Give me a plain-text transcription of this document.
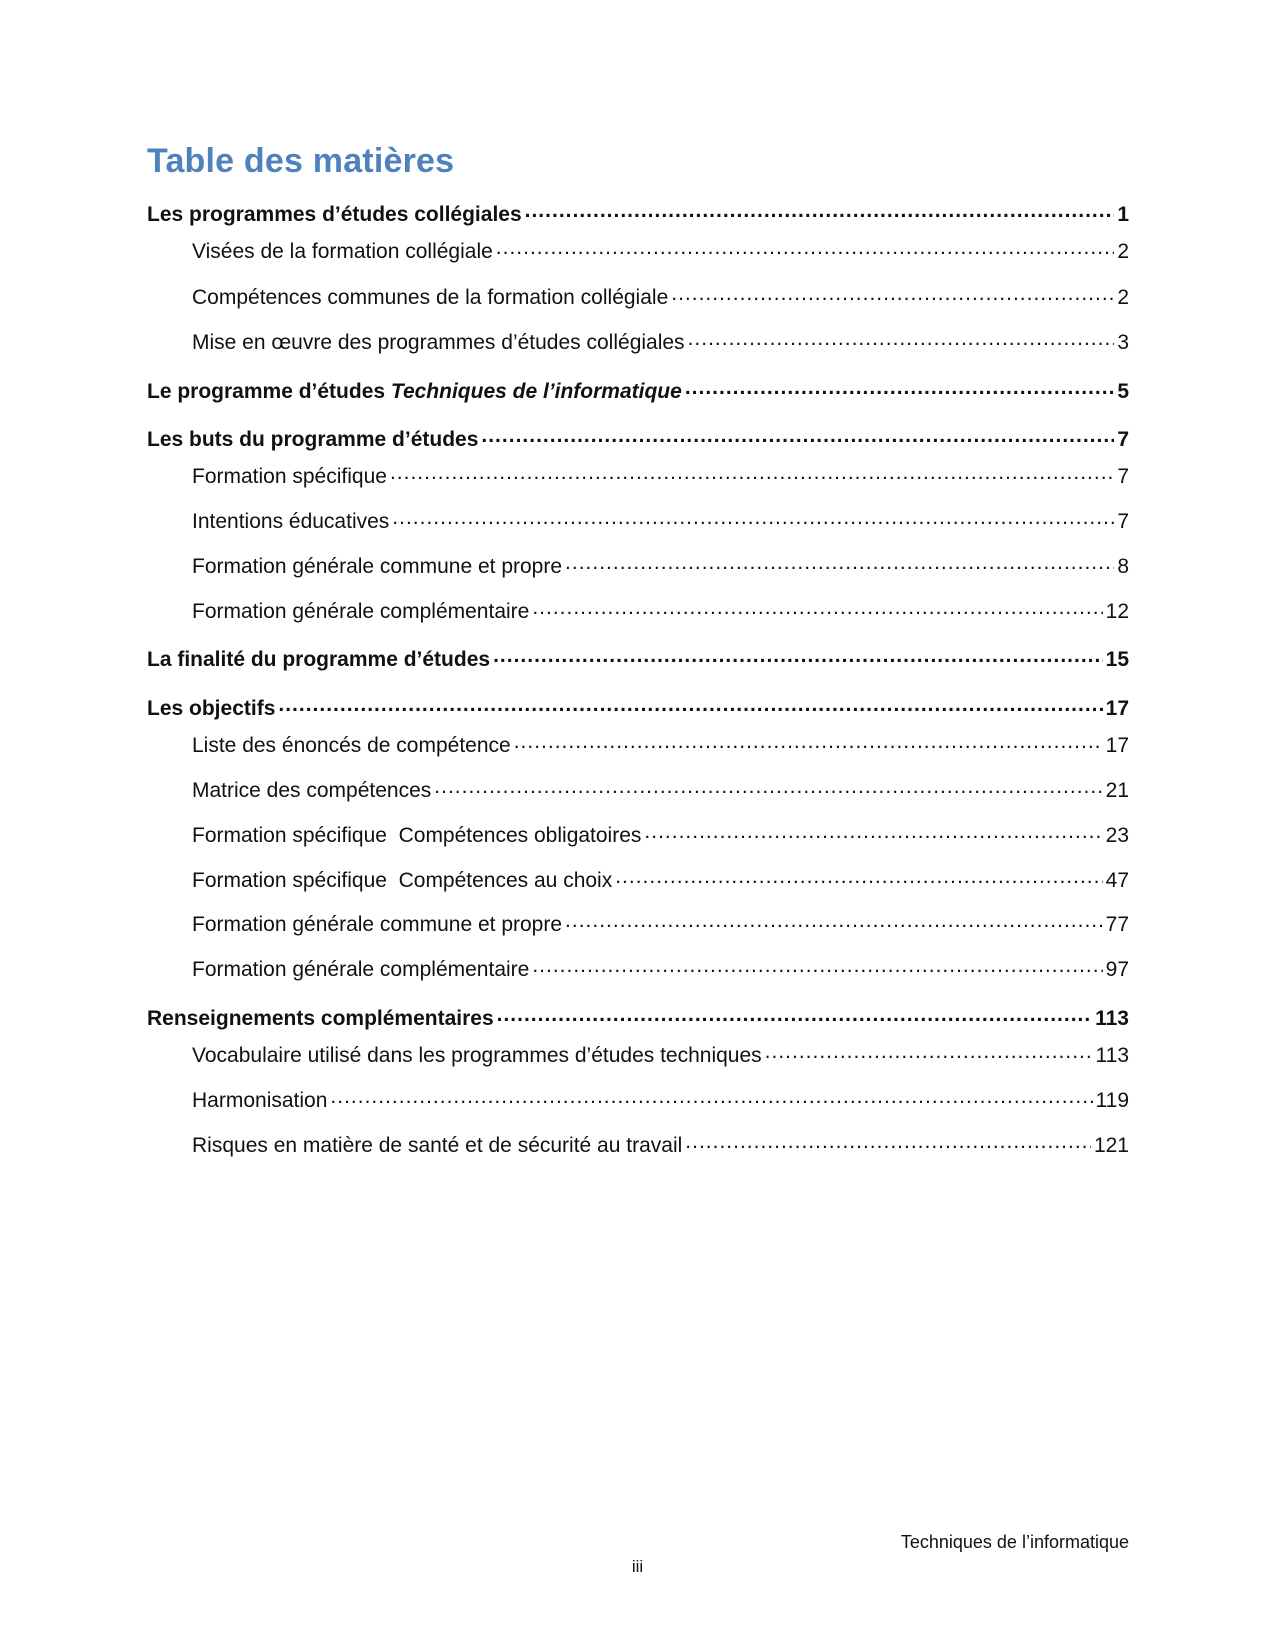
Table des matières
Les programmes d’études collégiales .....	1
Visées de la formation collégiale .....	2
Compétences communes de la formation collégiale .....	2
Mise en œuvre des programmes d’études collégiales .....	3
Le programme d’études Techniques de l’informatique .....	5
Les buts du programme d’études .....	7
Formation spécifique .....	7
Intentions éducatives .....	7
Formation générale commune et propre .....	8
Formation générale complémentaire .....	12
La finalité du programme d’études .....	15
Les objectifs .....	17
Liste des énoncés de compétence .....	17
Matrice des compétences .....	21
Formation spécifique  Compétences obligatoires .....	23
Formation spécifique  Compétences au choix .....	47
Formation générale commune et propre .....	77
Formation générale complémentaire .....	97
Renseignements complémentaires .....	113
Vocabulaire utilisé dans les programmes d’études techniques .....	113
Harmonisation .....	119
Risques en matière de santé et de sécurité au travail .....	121
Techniques de l’informatique
iii
